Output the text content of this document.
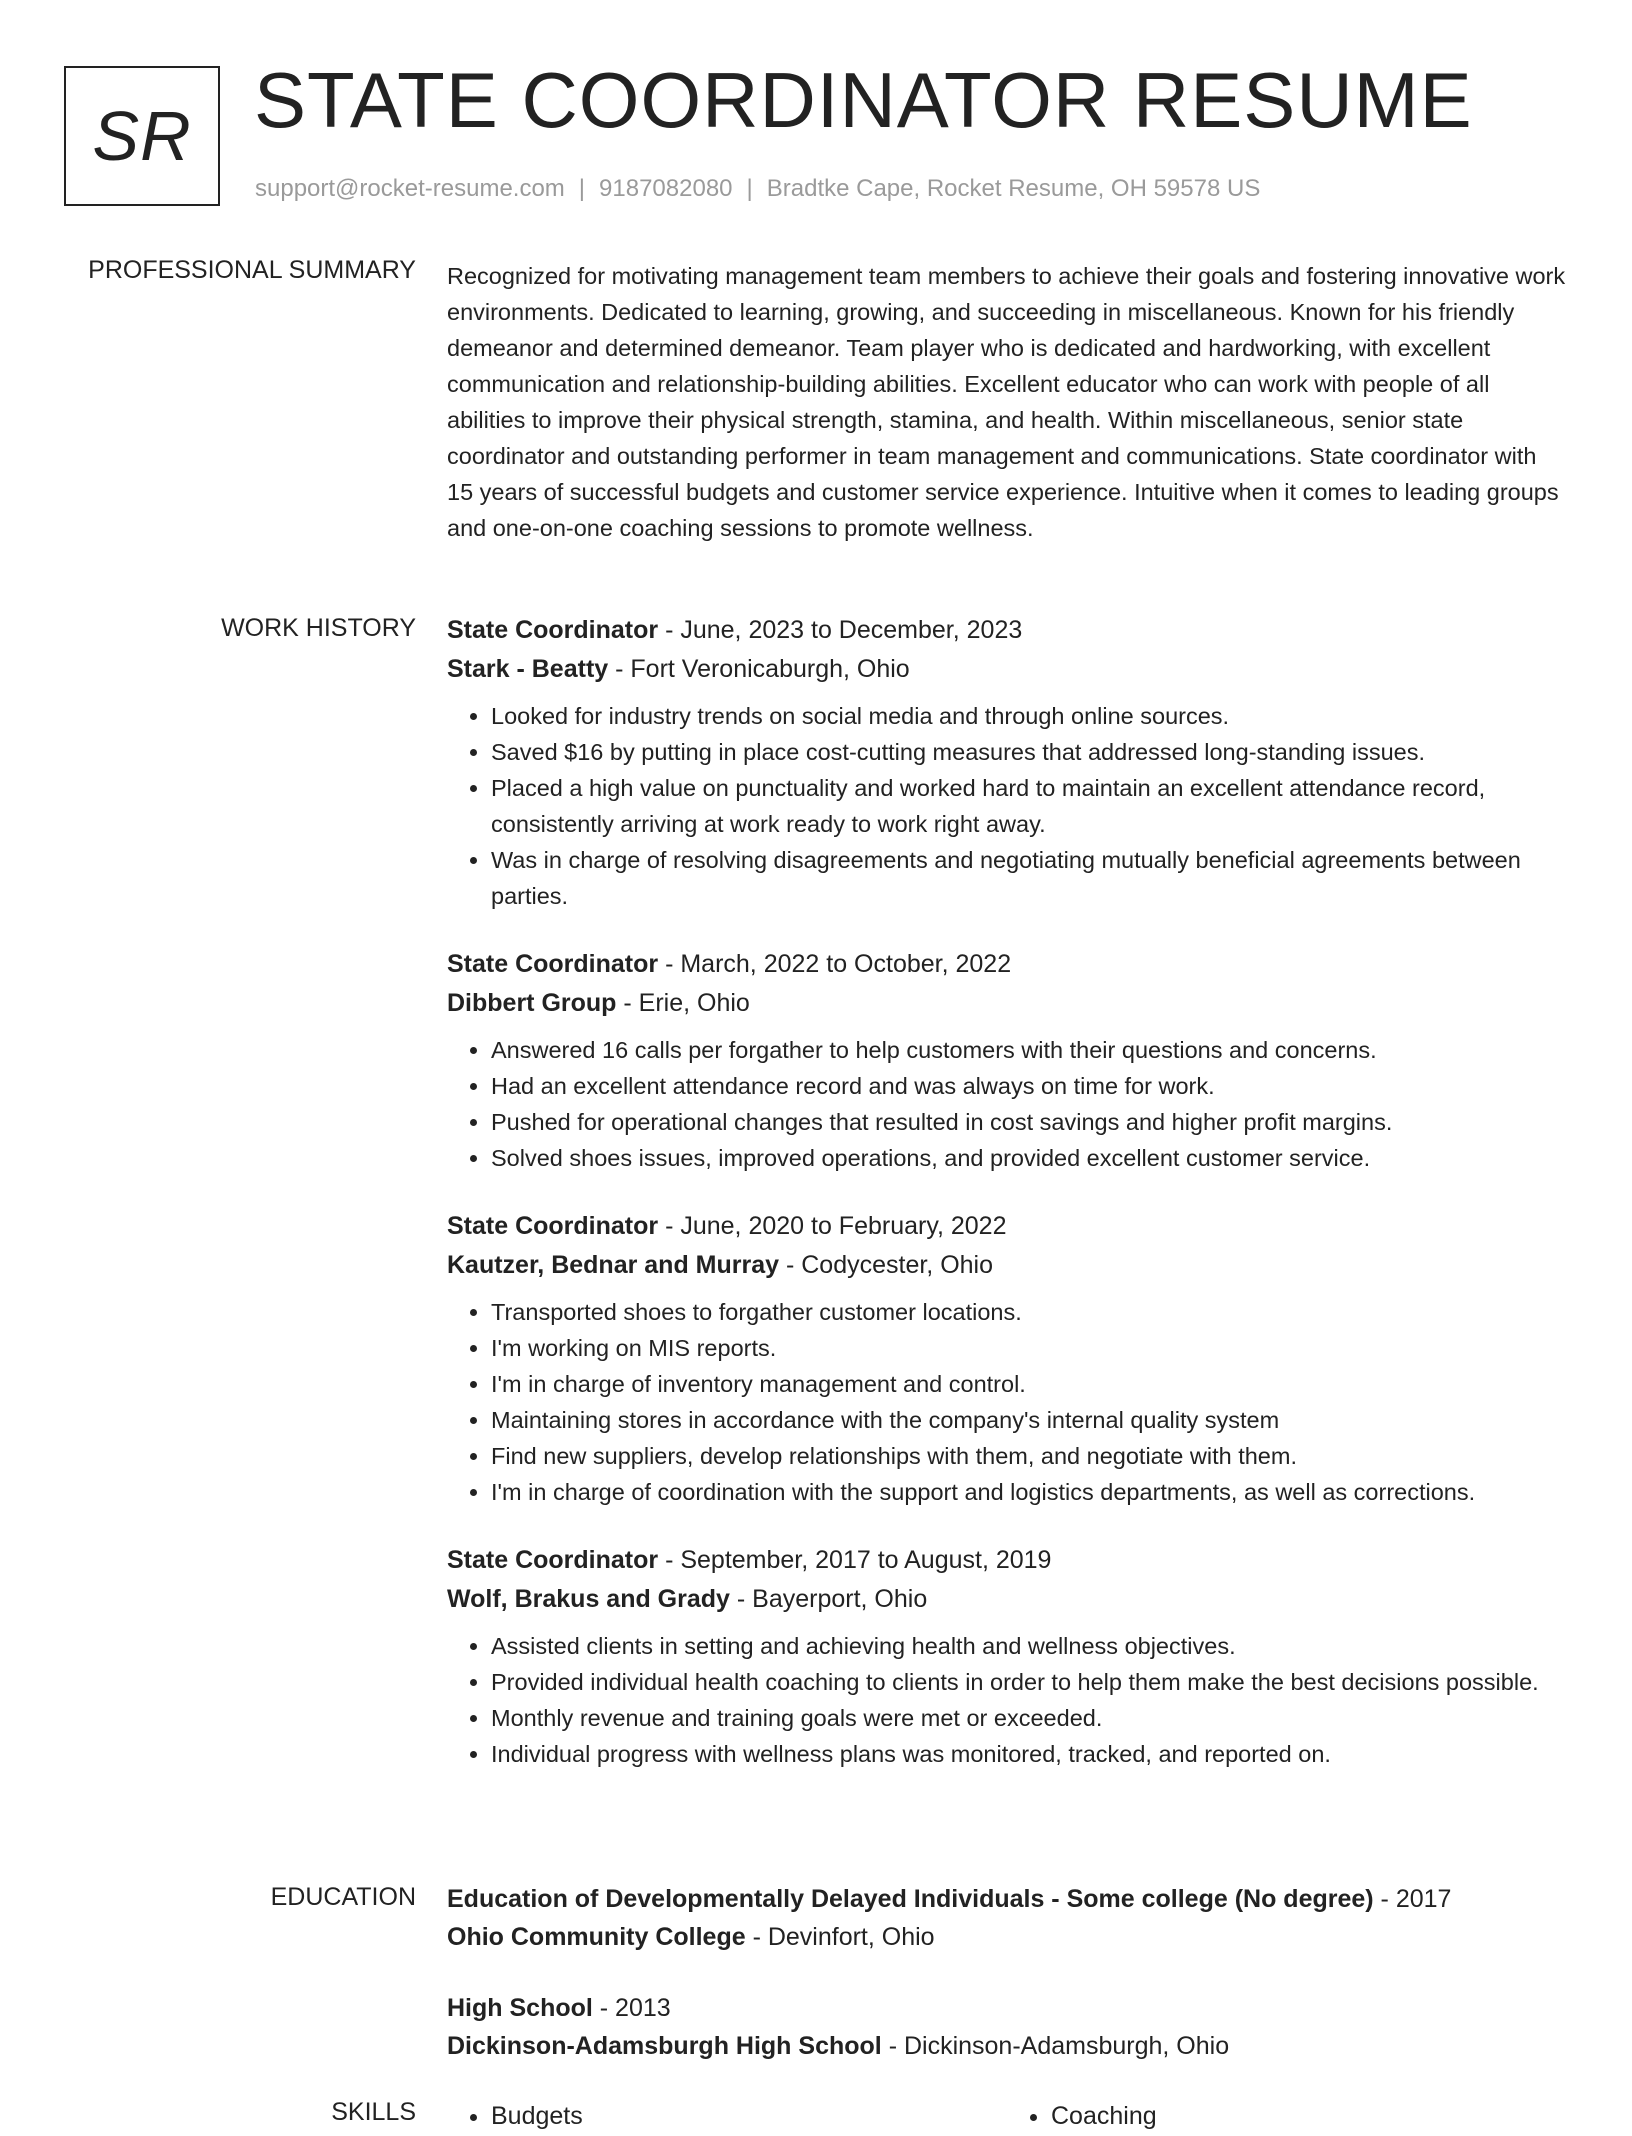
SR STATE COORDINATOR RESUME
support@rocket-resume.com | 9187082080 | Bradtke Cape, Rocket Resume, OH 59578 US
PROFESSIONAL SUMMARY Recognized for motivating management team members to achieve their goals and fostering innovative work environments. Dedicated to learning, growing, and succeeding in miscellaneous. Known for his friendly demeanor and determined demeanor. Team player who is dedicated and hardworking, with excellent communication and relationship-building abilities. Excellent educator who can work with people of all abilities to improve their physical strength, stamina, and health. Within miscellaneous, senior state coordinator and outstanding performer in team management and communications. State coordinator with 15 years of successful budgets and customer service experience. Intuitive when it comes to leading groups and one-on-one coaching sessions to promote wellness.

WORK HISTORY State Coordinator - June, 2023 to December, 2023
Stark - Beatty - Fort Veronicaburgh, Ohio
• Looked for industry trends on social media and through online sources.
• Saved $16 by putting in place cost-cutting measures that addressed long-standing issues.
• Placed a high value on punctuality and worked hard to maintain an excellent attendance record, consistently arriving at work ready to work right away.
• Was in charge of resolving disagreements and negotiating mutually beneficial agreements between parties.
State Coordinator - March, 2022 to October, 2022
Dibbert Group - Erie, Ohio
• Answered 16 calls per forgather to help customers with their questions and concerns.
• Had an excellent attendance record and was always on time for work.
• Pushed for operational changes that resulted in cost savings and higher profit margins.
• Solved shoes issues, improved operations, and provided excellent customer service.
State Coordinator - June, 2020 to February, 2022
Kautzer, Bednar and Murray - Codycester, Ohio
• Transported shoes to forgather customer locations.
• I'm working on MIS reports.
• I'm in charge of inventory management and control.
• Maintaining stores in accordance with the company's internal quality system
• Find new suppliers, develop relationships with them, and negotiate with them.
• I'm in charge of coordination with the support and logistics departments, as well as corrections.
State Coordinator - September, 2017 to August, 2019
Wolf, Brakus and Grady - Bayerport, Ohio
• Assisted clients in setting and achieving health and wellness objectives.
• Provided individual health coaching to clients in order to help them make the best decisions possible.
• Monthly revenue and training goals were met or exceeded.
• Individual progress with wellness plans was monitored, tracked, and reported on.
EDUCATION Education of Developmentally Delayed Individuals - Some college (No degree) - 2017
Ohio Community College - Devinfort, Ohio
High School - 2013
Dickinson-Adamsburgh High School - Dickinson-Adamsburgh, Ohio
SKILLS	• Budgets	• Coaching
